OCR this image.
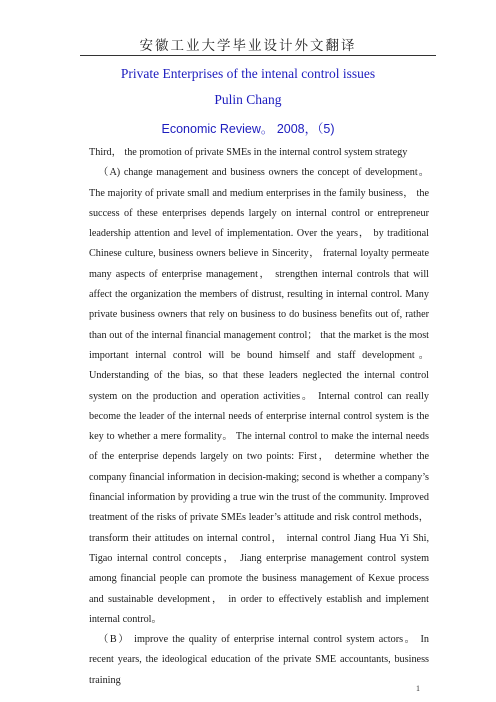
安徽工业大学毕业设计外文翻译
Private Enterprises of the intenal control issues
Pulin Chang
Economic Review。 2008，（5)

Third， the promotion of private SMEs in the internal control system strategy

（A) change management and business owners the concept of development。 The majority of private small and medium enterprises in the family business， the success of these enterprises depends largely on internal control or entrepreneur leadership attention and level of implementation. Over the years， by traditional Chinese culture, business owners believe in Sincerity， fraternal loyalty permeate many aspects of enterprise management， strengthen internal controls that will affect the organization the members of distrust, resulting in internal control. Many private business owners that rely on business to do business benefits out of, rather than out of the internal financial management control； that the market is the most important internal control will be bound himself and staff development。 Understanding of the bias, so that these leaders neglected the internal control system on the production and operation activities。 Internal control can really become the leader of the internal needs of enterprise internal control system is the key to whether a mere formality。 The internal control to make the internal needs of the enterprise depends largely on two points: First， determine whether the company financial information in decision-making; second is whether a company’s financial information by providing a true win the trust of the community. Improved treatment of the risks of private SMEs leader’s attitude and risk control methods， transform their attitudes on internal control， internal control Jiang Hua Yi Shi, Tigao internal control concepts， Jiang enterprise management control system among financial people can promote the business management of Kexue process and sustainable development， in order to effectively establish and implement internal control。

（B） improve the quality of enterprise internal control system actors。 In recent years, the ideological education of the private SME accountants, business training

1
